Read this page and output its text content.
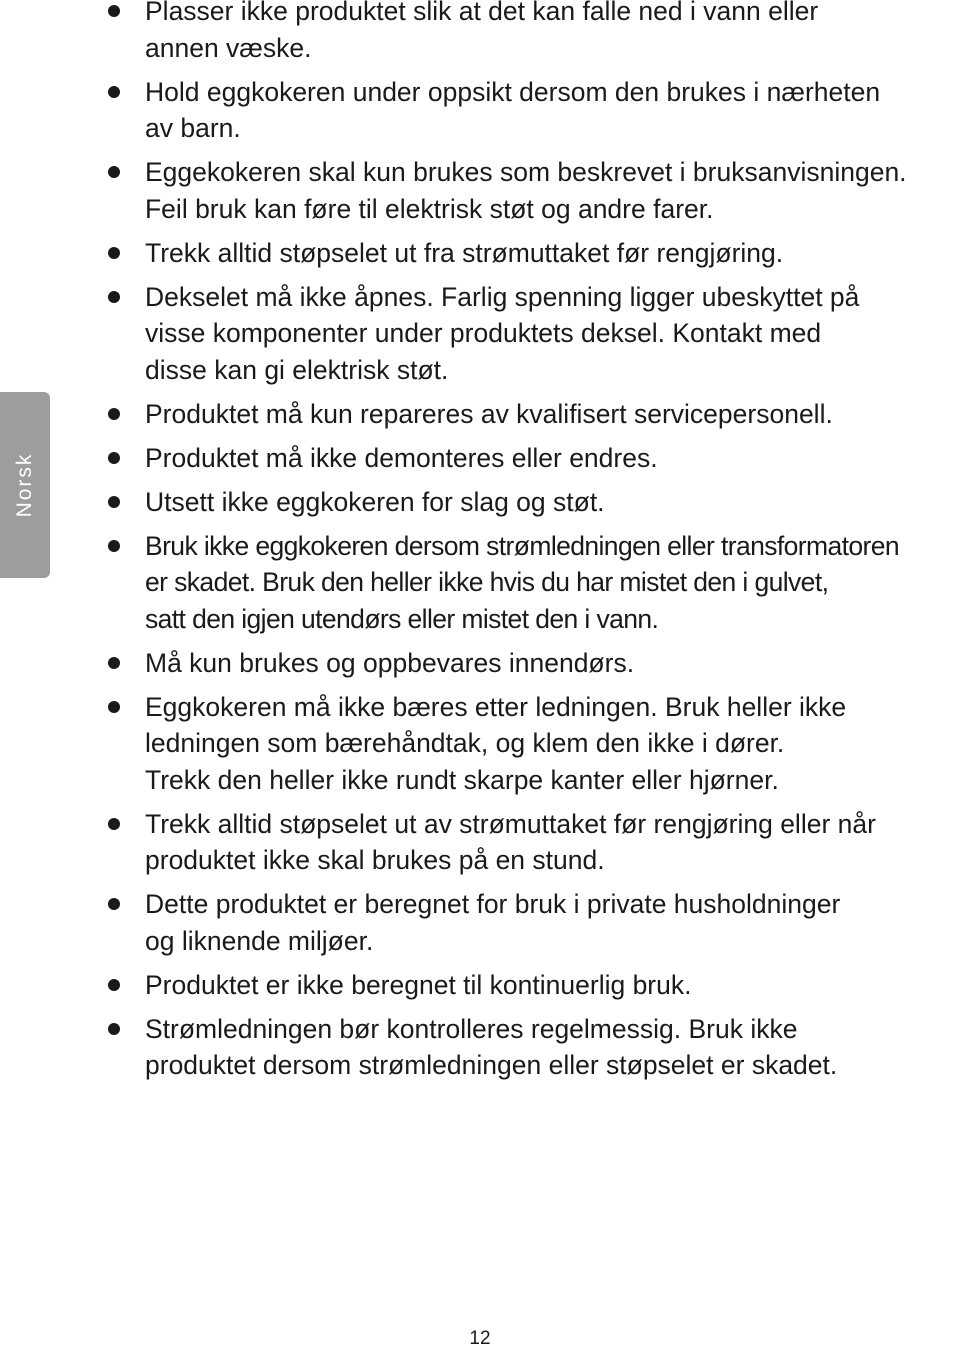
Norsk
Plasser ikke produktet slik at det kan falle ned i vann eller
annen væske.
Hold eggkokeren under oppsikt dersom den brukes i nærheten
av barn.
Eggekokeren skal kun brukes som beskrevet i bruksanvisningen.
Feil bruk kan føre til elektrisk støt og andre farer.
Trekk alltid støpselet ut fra strømuttaket før rengjøring.
Dekselet må ikke åpnes. Farlig spenning ligger ubeskyttet på
visse komponenter under produktets deksel. Kontakt med
disse kan gi elektrisk støt.
Produktet må kun repareres av kvalifisert servicepersonell.
Produktet må ikke demonteres eller endres.
Utsett ikke eggkokeren for slag og støt.
Bruk ikke eggkokeren dersom strømledningen eller transformatoren
er skadet. Bruk den heller ikke hvis du har mistet den i gulvet,
satt den igjen utendørs eller mistet den i vann.
Må kun brukes og oppbevares innendørs.
Eggkokeren må ikke bæres etter ledningen. Bruk heller ikke
ledningen som bærehåndtak, og klem den ikke i dører.
Trekk den heller ikke rundt skarpe kanter eller hjørner.
Trekk alltid støpselet ut av strømuttaket før rengjøring eller når
produktet ikke skal brukes på en stund.
Dette produktet er beregnet for bruk i private husholdninger
og liknende miljøer.
Produktet er ikke beregnet til kontinuerlig bruk.
Strømledningen bør kontrolleres regelmessig. Bruk ikke
produktet dersom strømledningen eller støpselet er skadet.
12
